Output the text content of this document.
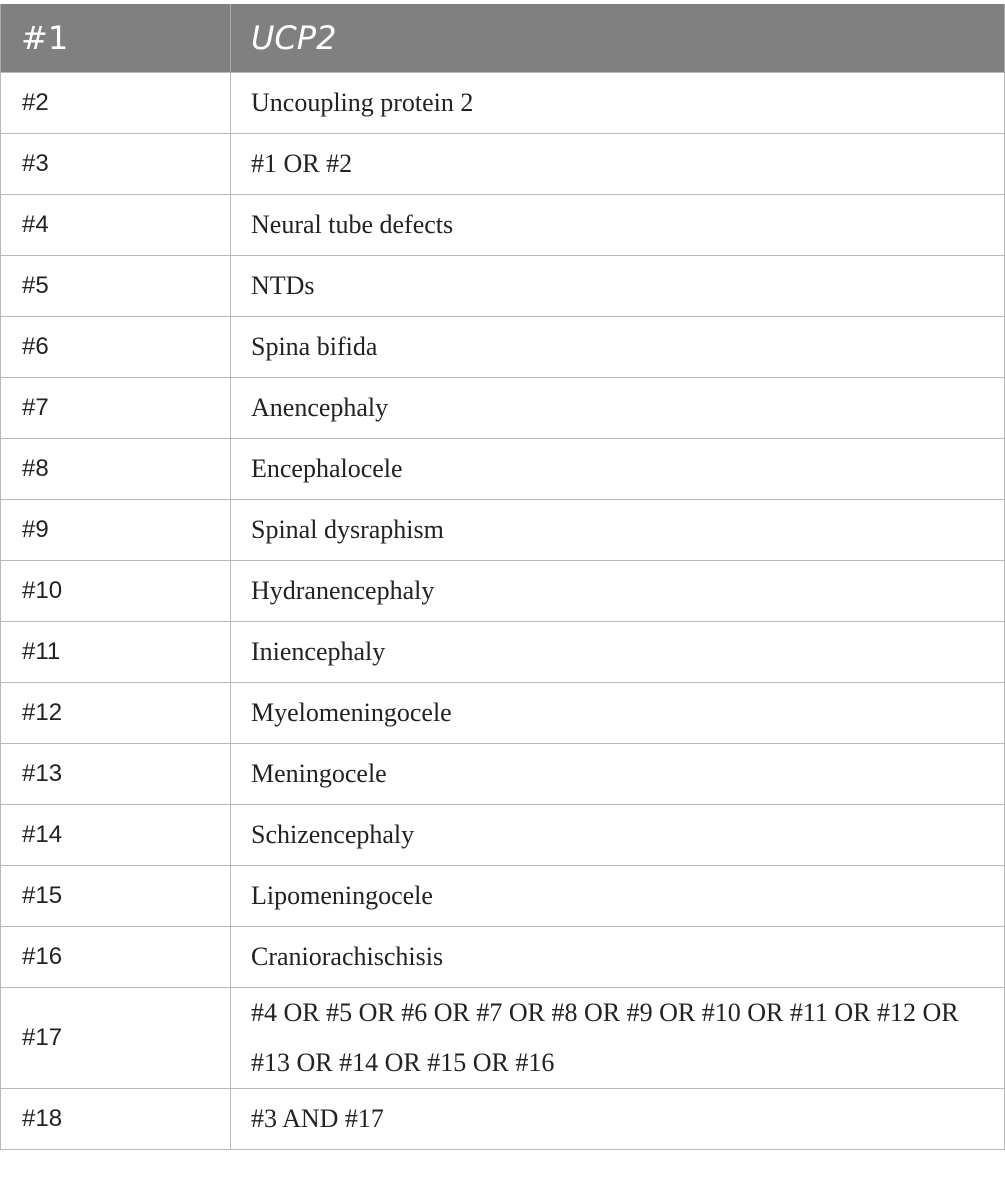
#1	UCP2
#2	Uncoupling protein 2
#3	#1 OR #2
#4	Neural tube defects
#5	NTDs
#6	Spina bifida
#7	Anencephaly
#8	Encephalocele
#9	Spinal dysraphism
#10	Hydranencephaly
#11	Iniencephaly
#12	Myelomeningocele
#13	Meningocele
#14	Schizencephaly
#15	Lipomeningocele
#16	Craniorachischisis
#17	#4 OR #5 OR #6 OR #7 OR #8 OR #9 OR #10 OR #11 OR #12 OR #13 OR #14 OR #15 OR #16
#18	#3 AND #17
